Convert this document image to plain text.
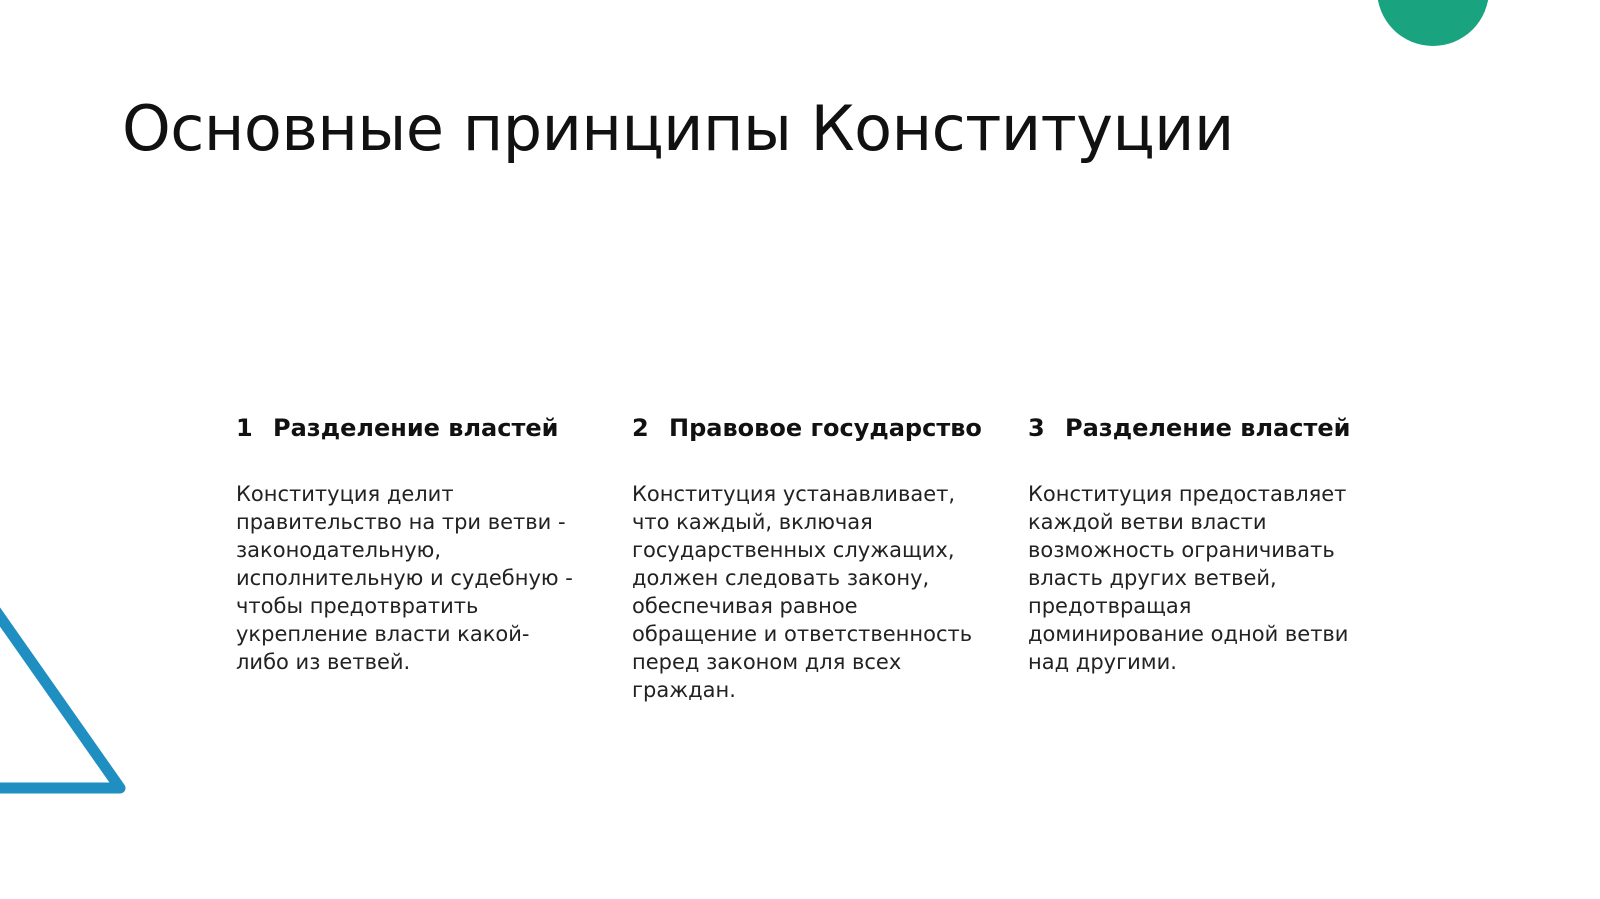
Основные принципы Конституции
1 Разделение властей

Конституция делит правительство на три ветви - законодательную, исполнительную и судебную - чтобы предотвратить укрепление власти какой-либо из ветвей.

2 Правовое государство

Конституция устанавливает, что каждый, включая государственных служащих, должен следовать закону, обеспечивая равное обращение и ответственность перед законом для всех граждан.

3 Разделение властей

Конституция предоставляет каждой ветви власти возможность ограничивать власть других ветвей, предотвращая доминирование одной ветви над другими.
